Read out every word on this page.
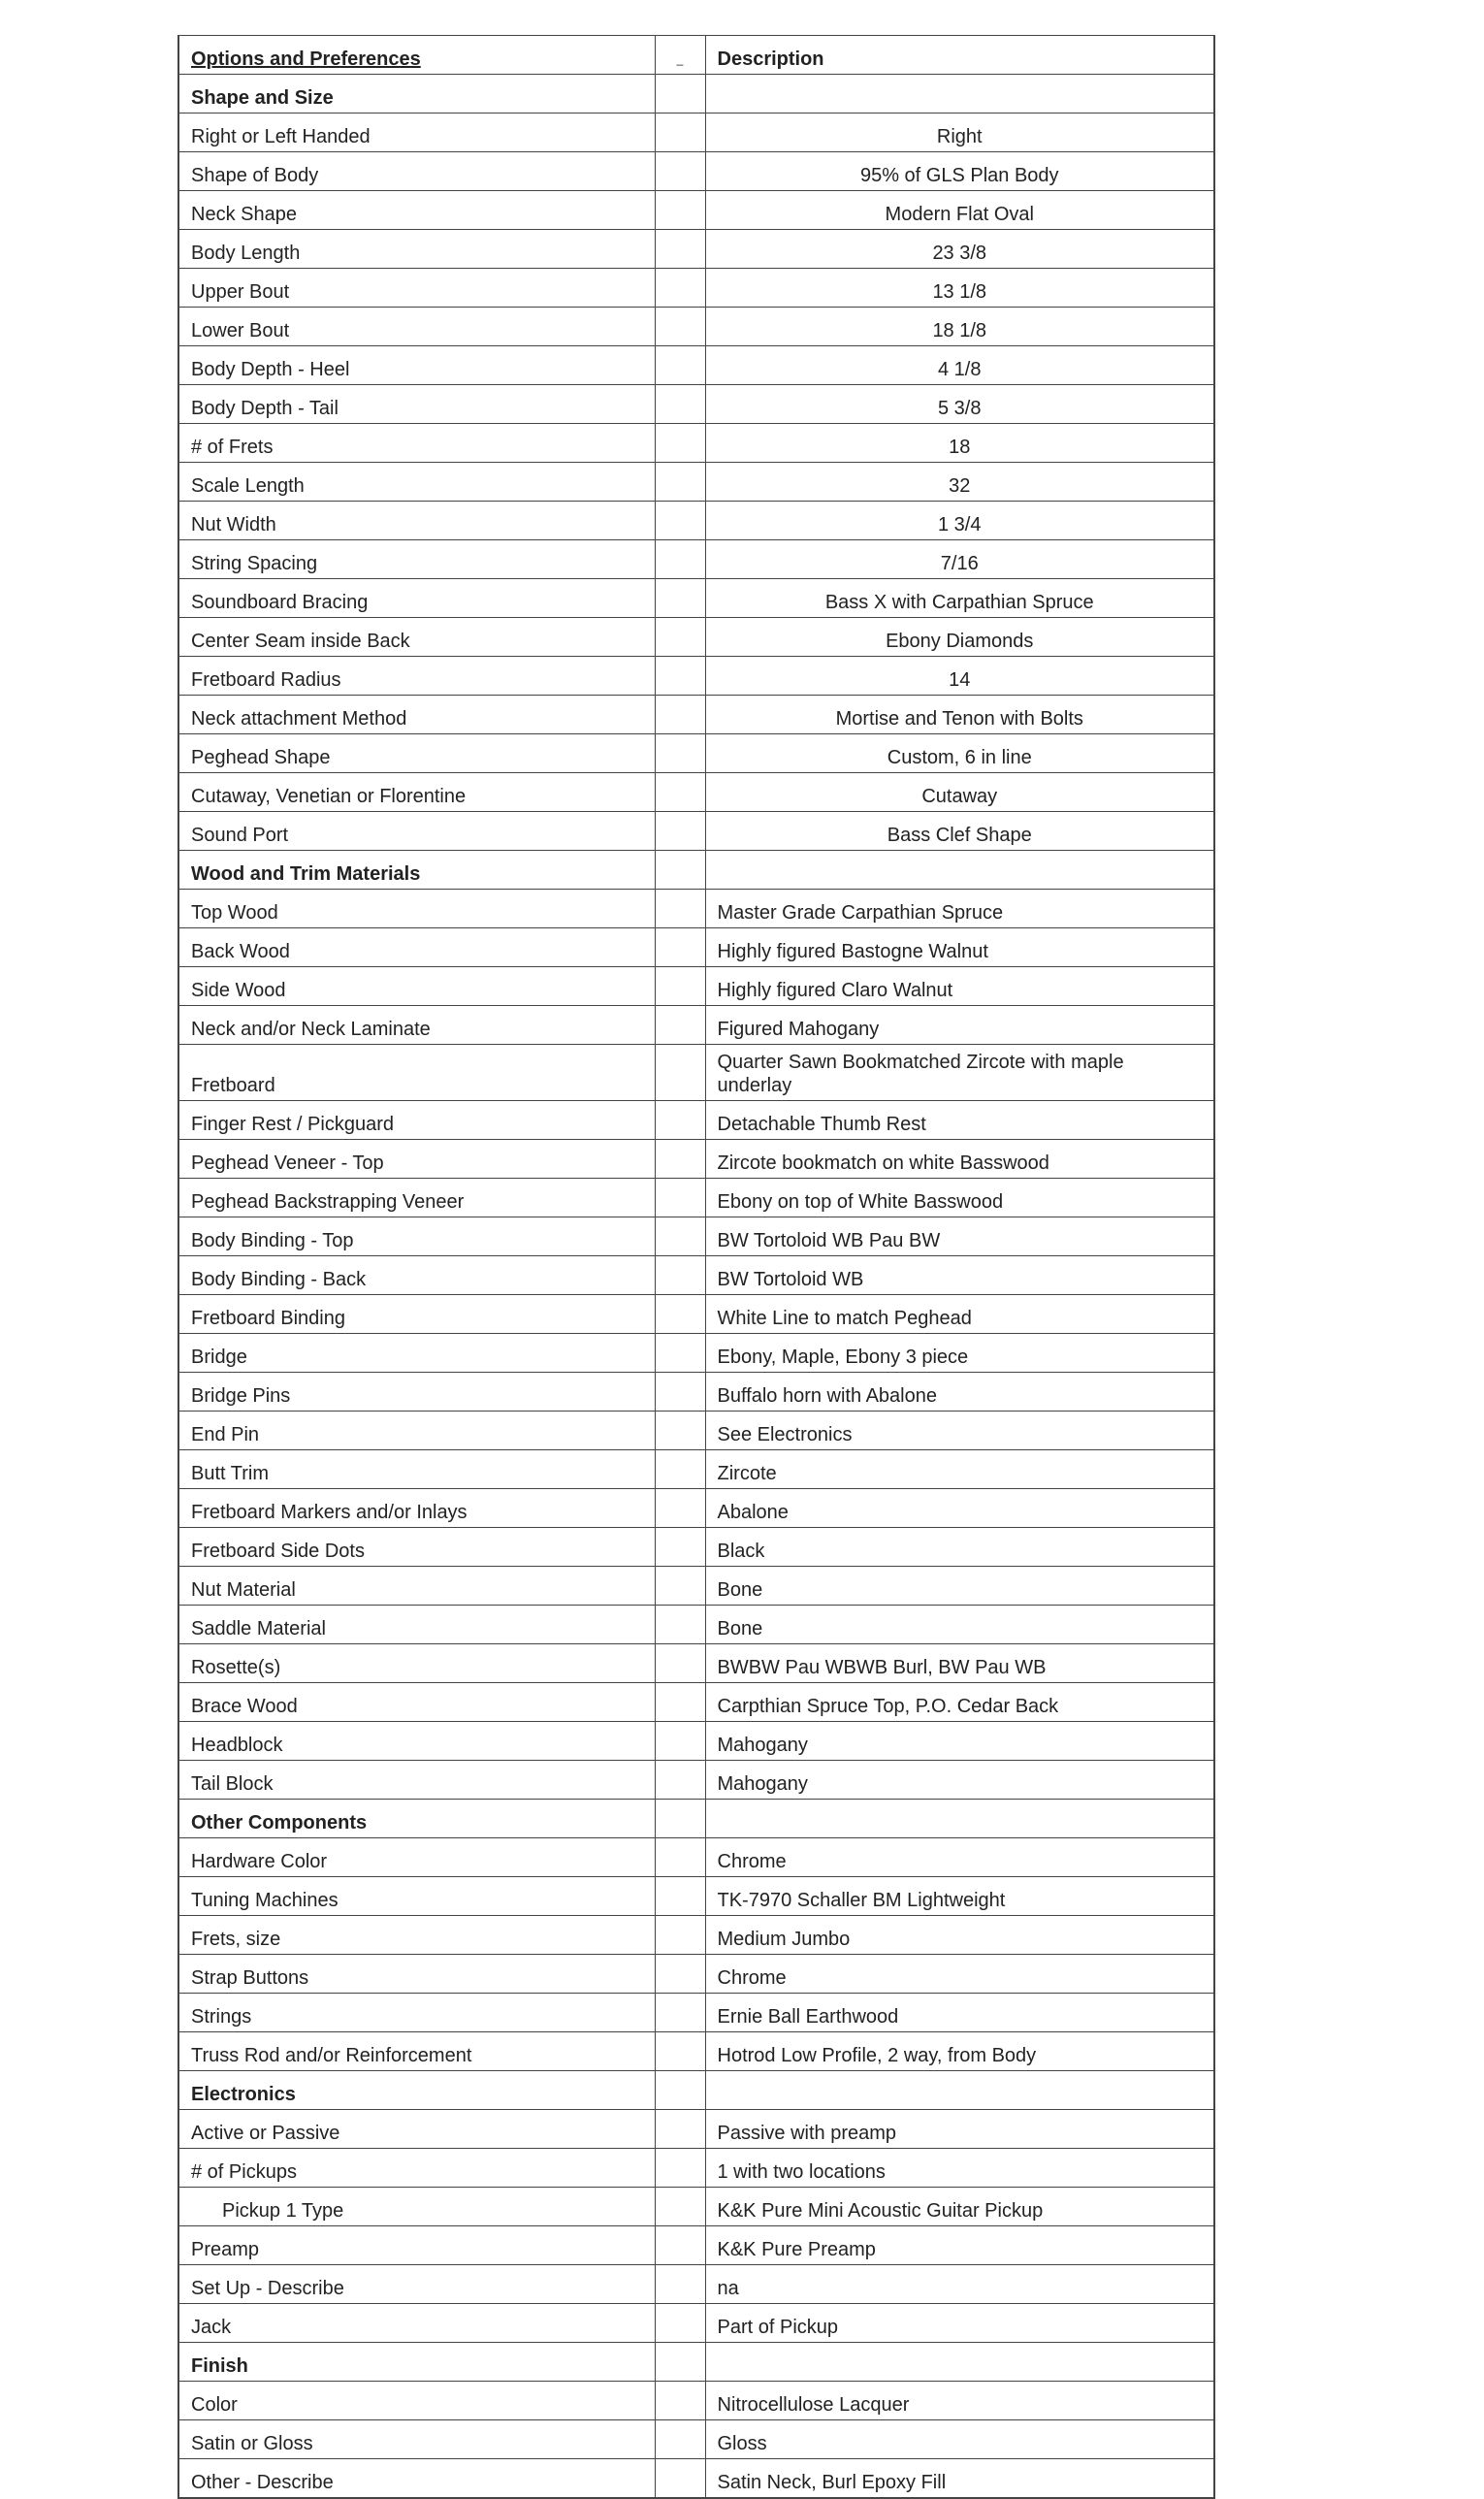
Options and Preferences	_	Description
Shape and Size		
Right or Left Handed		Right
Shape of Body		95% of GLS Plan Body
Neck Shape		Modern Flat Oval
Body Length		23 3/8
Upper Bout		13 1/8
Lower Bout		18 1/8
Body Depth - Heel		4 1/8
Body Depth - Tail		5 3/8
# of Frets		18
Scale Length		32
Nut Width		1 3/4
String Spacing		7/16
Soundboard Bracing		Bass X with Carpathian Spruce
Center Seam inside Back		Ebony Diamonds
Fretboard Radius		14
Neck attachment Method		Mortise and Tenon with Bolts
Peghead Shape		Custom, 6 in line
Cutaway, Venetian or Florentine		Cutaway
Sound Port		Bass Clef Shape
Wood and Trim Materials		
Top Wood		Master Grade Carpathian Spruce
Back Wood		Highly figured Bastogne Walnut
Side Wood		Highly figured Claro Walnut
Neck and/or Neck Laminate		Figured Mahogany
Fretboard		Quarter Sawn Bookmatched Zircote with maple underlay
Finger Rest / Pickguard		Detachable Thumb Rest
Peghead Veneer - Top		Zircote bookmatch on white Basswood
Peghead Backstrapping Veneer		Ebony on top of White Basswood
Body Binding - Top		BW Tortoloid WB Pau BW
Body Binding - Back		BW Tortoloid WB
Fretboard Binding		White Line to match Peghead
Bridge		Ebony, Maple, Ebony 3 piece
Bridge Pins		Buffalo horn with Abalone
End Pin		See Electronics
Butt Trim		Zircote
Fretboard Markers and/or Inlays		Abalone
Fretboard Side Dots		Black
Nut Material		Bone
Saddle Material		Bone
Rosette(s)		BWBW Pau WBWB Burl, BW Pau WB
Brace Wood		Carpthian Spruce Top, P.O. Cedar Back
Headblock		Mahogany
Tail Block		Mahogany
Other Components		
Hardware Color		Chrome
Tuning Machines		TK-7970 Schaller BM Lightweight
Frets, size		Medium Jumbo
Strap Buttons		Chrome
Strings		Ernie Ball Earthwood
Truss Rod and/or Reinforcement		Hotrod Low Profile, 2 way, from Body
Electronics		
Active or Passive		Passive with preamp
# of Pickups		1 with two locations
Pickup 1 Type		K&K Pure Mini Acoustic Guitar Pickup
Preamp		K&K Pure Preamp
Set Up - Describe		na
Jack		Part of Pickup
Finish		
Color		Nitrocellulose Lacquer
Satin or Gloss		Gloss
Other - Describe		Satin Neck, Burl Epoxy Fill
